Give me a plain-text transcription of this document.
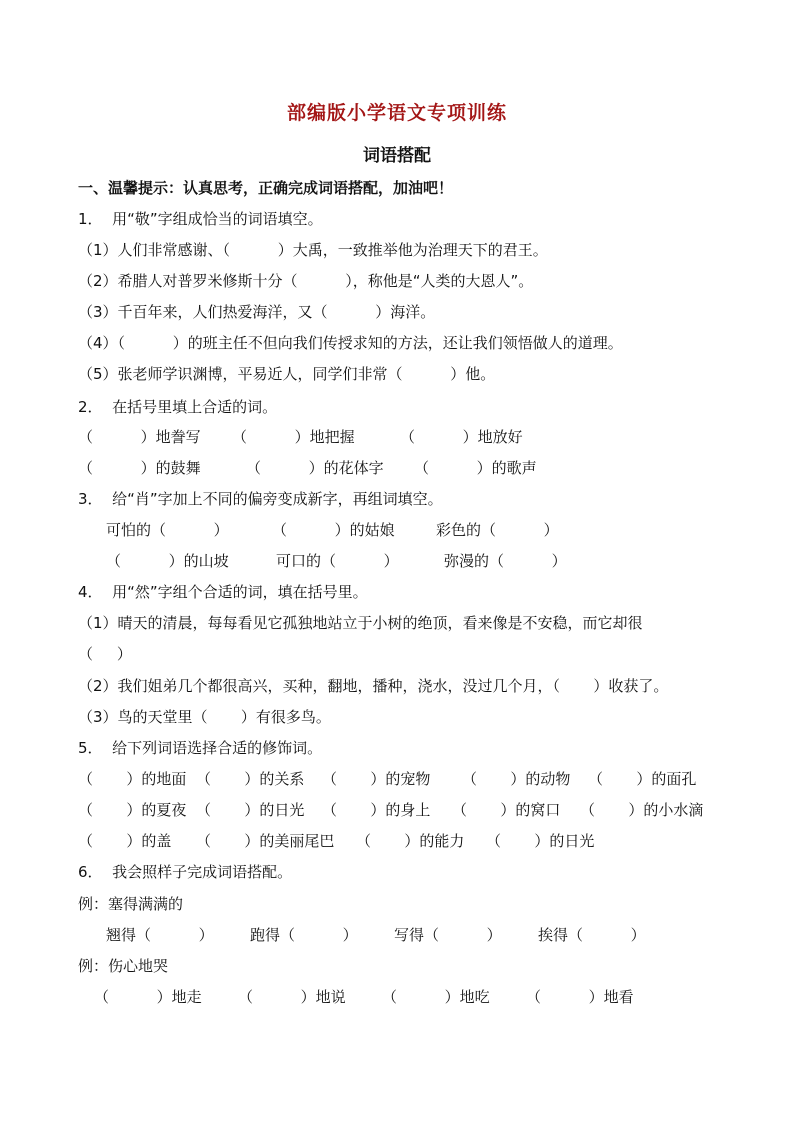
部编版小学语文专项训练
词语搭配
一、温馨提示：认真思考，正确完成词语搭配，加油吧！
1．  用“敬”字组成恰当的词语填空。
（1）人们非常感谢、（          ）大禹，一致推举他为治理天下的君王。
（2）希腊人对普罗米修斯十分（          ），称他是“人类的大恩人”。
（3）千百年来，人们热爱海洋，又（          ）海洋。
（4）（          ）的班主任不但向我们传授求知的方法，还让我们领悟做人的道理。
（5）张老师学识渊博，平易近人，同学们非常（          ）他。
2．  在括号里填上合适的词。
（          ）地誊写 （          ）地把握	（          ）地放好
（          ）的鼓舞	（          ）的花体字 （          ）的歌声
3．  给“肖”字加上不同的偏旁变成新字，再组词填空。
可怕的（          ）	（          ）的姑娘	彩色的（          ）
（          ）的山坡	可口的（          ）	弥漫的（          ）
4．  用“然”字组个合适的词，填在括号里。
（1）晴天的清晨，每每看见它孤独地站立于小树的绝顶，看来像是不安稳，而它却很
（     ）
（2）我们姐弟几个都很高兴，买种，翻地，播种，浇水，没过几个月，（       ）收获了。
（3）鸟的天堂里（       ）有很多鸟。
5．  给下列词语选择合适的修饰词。
（       ）的地面 （       ）的关系 （       ）的宠物 （       ）的动物 （       ）的面孔
（       ）的夏夜 （       ）的日光 （       ）的身上 （       ）的窝口 （       ）的小水滴
（       ）的盖 （       ）的美丽尾巴 （       ）的能力 （       ）的日光
6．  我会照样子完成词语搭配。
例：塞得满满的
翘得（          ） 跑得（          ） 写得（          ） 挨得（          ）
例：伤心地哭
（          ）地走 （          ）地说 （          ）地吃 （          ）地看
